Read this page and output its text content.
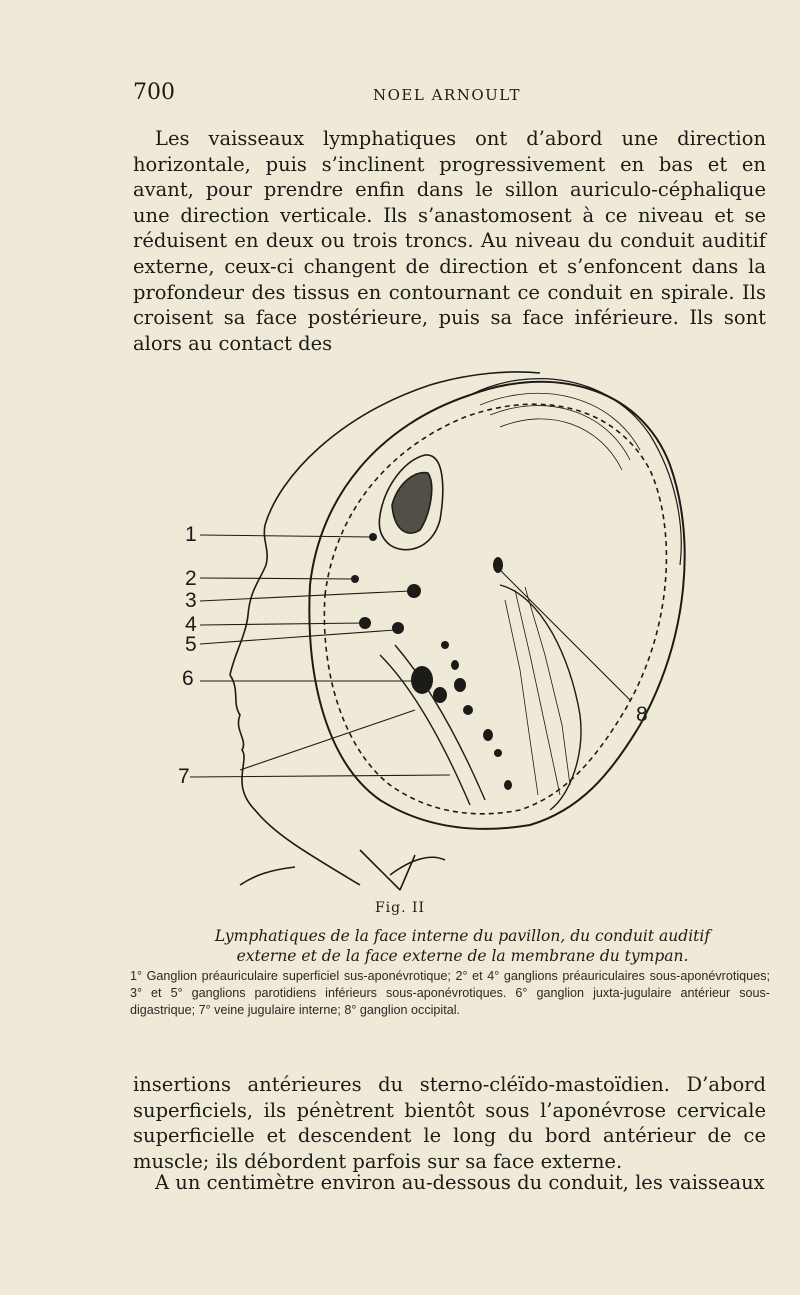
700	NOEL ARNOULT
Les vaisseaux lymphatiques ont d’abord une direction horizontale, puis s’inclinent progressivement en bas et en avant, pour prendre enfin dans le sillon auriculo-céphalique une direction verticale. Ils s’anastomosent à ce niveau et se réduisent en deux ou trois troncs. Au niveau du conduit auditif externe, ceux-ci changent de direction et s’enfoncent dans la profondeur des tissus en contournant ce conduit en spirale. Ils croisent sa face postérieure, puis sa face inférieure. Ils sont alors au contact des
1
2
3
4
5
6
7
8
Fig. II
Lymphatiques de la face interne du pavillon, du conduit auditif externe et de la face externe de la membrane du tympan.
1° Ganglion préauriculaire superficiel sus-aponévrotique; 2° et 4° ganglions préauriculaires sous-aponévrotiques; 3° et 5° ganglions parotidiens inférieurs sous-aponévrotiques. 6° ganglion juxta-jugulaire antérieur sous-digastrique; 7° veine jugulaire interne; 8° ganglion occipital.
insertions antérieures du sterno-cléïdo-mastoïdien. D’abord superficiels, ils pénètrent bientôt sous l’aponévrose cervicale superficielle et descendent le long du bord antérieur de ce muscle; ils débordent parfois sur sa face externe.
A un centimètre environ au-dessous du conduit, les vaisseaux
